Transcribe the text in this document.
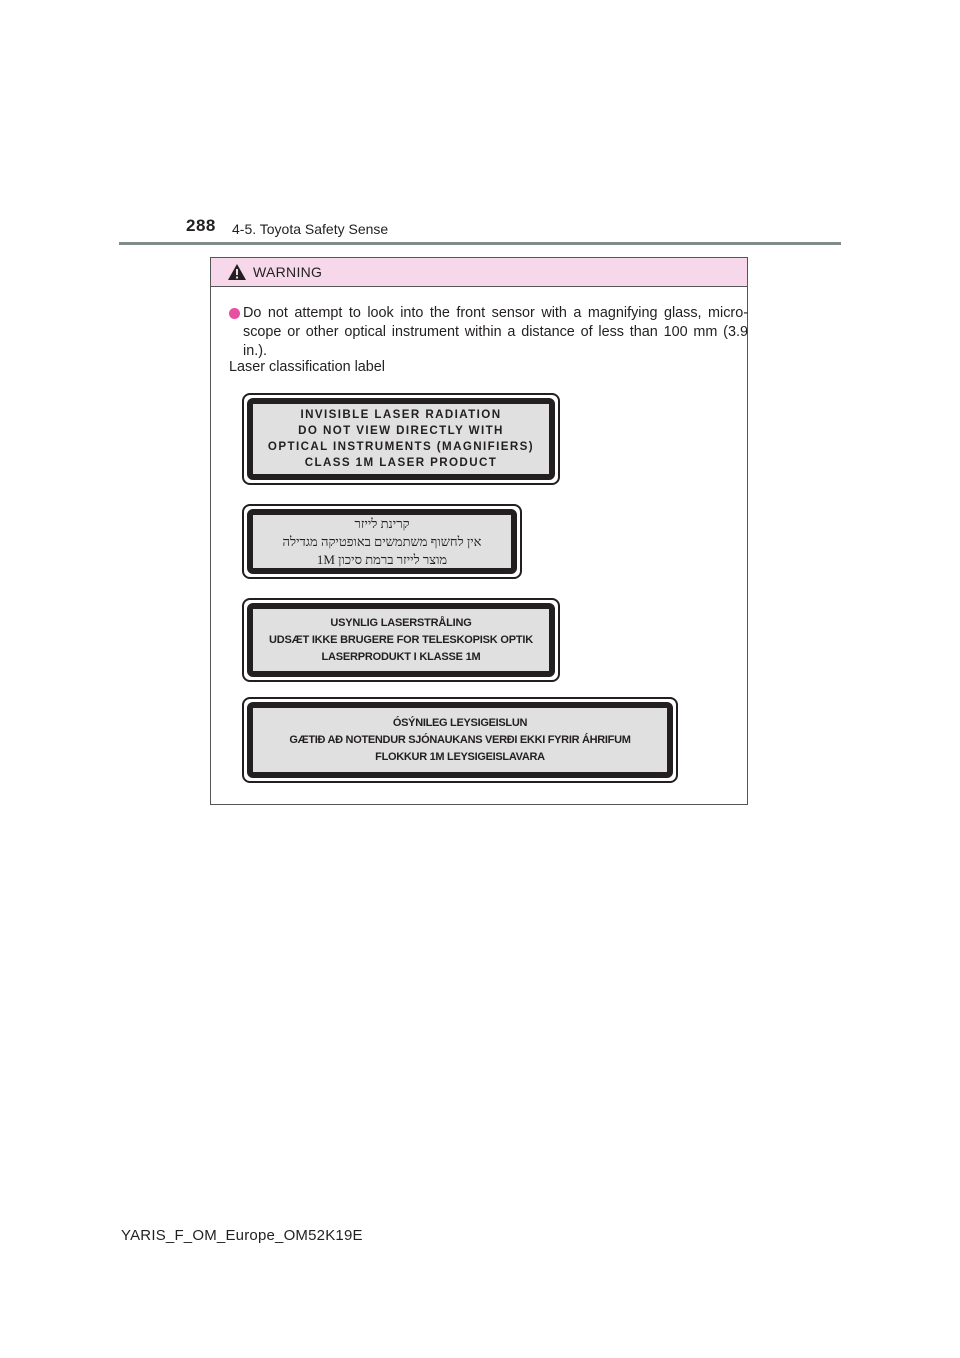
288 4-5. Toyota Safety Sense
WARNING
Do not attempt to look into the front sensor with a magnifying glass, micro-scope or other optical instrument within a distance of less than 100 mm (3.9 in.).
Laser classification label
INVISIBLE LASER RADIATION
DO NOT VIEW DIRECTLY WITH
OPTICAL INSTRUMENTS (MAGNIFIERS)
CLASS 1M LASER PRODUCT
קרינת לייזר
אין לחשוף משתמשים באופטיקה מגדילה
מוצר לייזר ברמת סיכון 1M
USYNLIG LASERSTRÅLING
UDSÆT IKKE BRUGERE FOR TELESKOPISK OPTIK
LASERPRODUKT I KLASSE 1M
ÓSÝNILEG LEYSIGEISLUN
GÆTIÐ AÐ NOTENDUR SJÓNAUKANS VERÐI EKKI FYRIR ÁHRIFUM
FLOKKUR 1M LEYSIGEISLAVARA
YARIS_F_OM_Europe_OM52K19E
